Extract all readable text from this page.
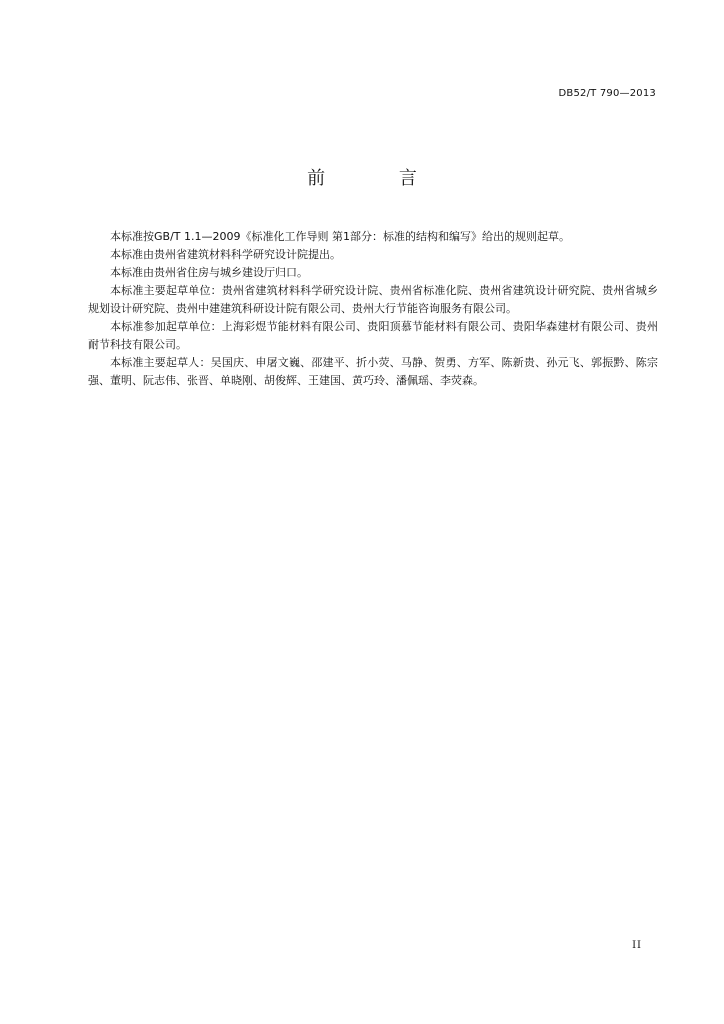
DB52/T 790—2013
前 言

本标准按GB/T 1.1—2009《标准化工作导则 第1部分：标准的结构和编写》给出的规则起草。

本标准由贵州省建筑材料科学研究设计院提出。

本标准由贵州省住房与城乡建设厅归口。

本标准主要起草单位：贵州省建筑材料科学研究设计院、贵州省标准化院、贵州省建筑设计研究院、贵州省城乡规划设计研究院、贵州中建建筑科研设计院有限公司、贵州大行节能咨询服务有限公司。

本标准参加起草单位：上海彩煜节能材料有限公司、贵阳顶慕节能材料有限公司、贵阳华森建材有限公司、贵州耐节科技有限公司。

本标准主要起草人：吴国庆、申屠文巍、邵建平、折小荧、马静、贺勇、方军、陈新贵、孙元飞、郭振黔、陈宗强、董明、阮志伟、张晋、单晓刚、胡俊辉、王建国、黄巧玲、潘佩瑶、李荧森。

II
